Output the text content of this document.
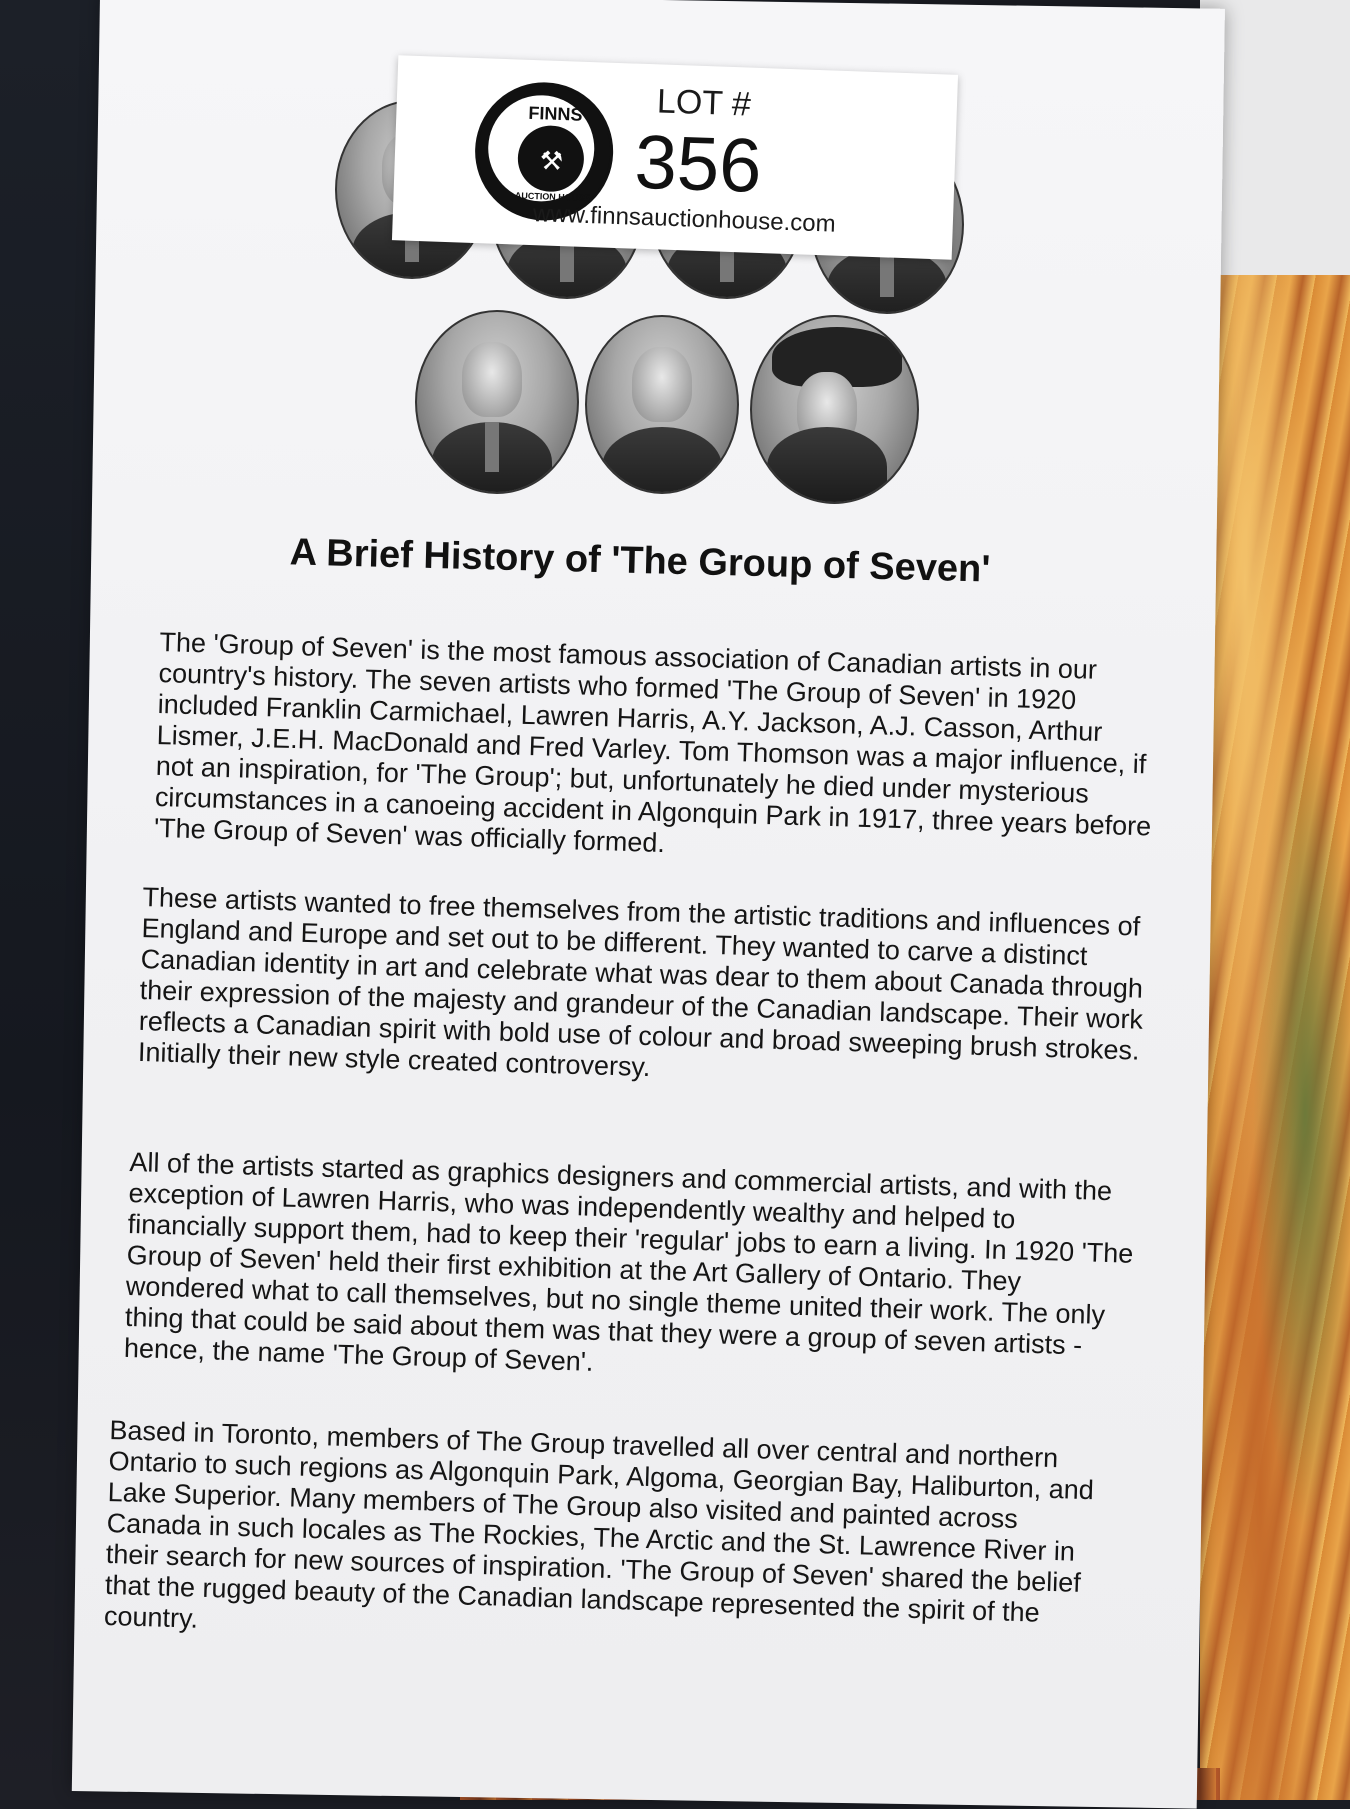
FINNS
⚒
AUCTION HOUSE
LOT #
356
www.finnsauctionhouse.com
A Brief History of 'The Group of Seven'

The 'Group of Seven' is the most famous association of Canadian artists in our country's history. The seven artists who formed 'The Group of Seven' in 1920 included Franklin Carmichael, Lawren Harris, A.Y. Jackson, A.J. Casson, Arthur Lismer, J.E.H. MacDonald and Fred Varley. Tom Thomson was a major influence, if not an inspiration, for 'The Group'; but, unfortunately he died under mysterious circumstances in a canoeing accident in Algonquin Park in 1917, three years before 'The Group of Seven' was officially formed.

These artists wanted to free themselves from the artistic traditions and influences of England and Europe and set out to be different. They wanted to carve a distinct Canadian identity in art and celebrate what was dear to them about Canada through their expression of the majesty and grandeur of the Canadian landscape. Their work reflects a Canadian spirit with bold use of colour and broad sweeping brush strokes. Initially their new style created controversy.

All of the artists started as graphics designers and commercial artists, and with the exception of Lawren Harris, who was independently wealthy and helped to financially support them, had to keep their 'regular' jobs to earn a living. In 1920 'The Group of Seven' held their first exhibition at the Art Gallery of Ontario. They wondered what to call themselves, but no single theme united their work. The only thing that could be said about them was that they were a group of seven artists - hence, the name 'The Group of Seven'.

Based in Toronto, members of The Group travelled all over central and northern Ontario to such regions as Algonquin Park, Algoma, Georgian Bay, Haliburton, and Lake Superior. Many members of The Group also visited and painted across Canada in such locales as The Rockies, The Arctic and the St. Lawrence River in their search for new sources of inspiration. 'The Group of Seven' shared the belief that the rugged beauty of the Canadian landscape represented the spirit of the country.
